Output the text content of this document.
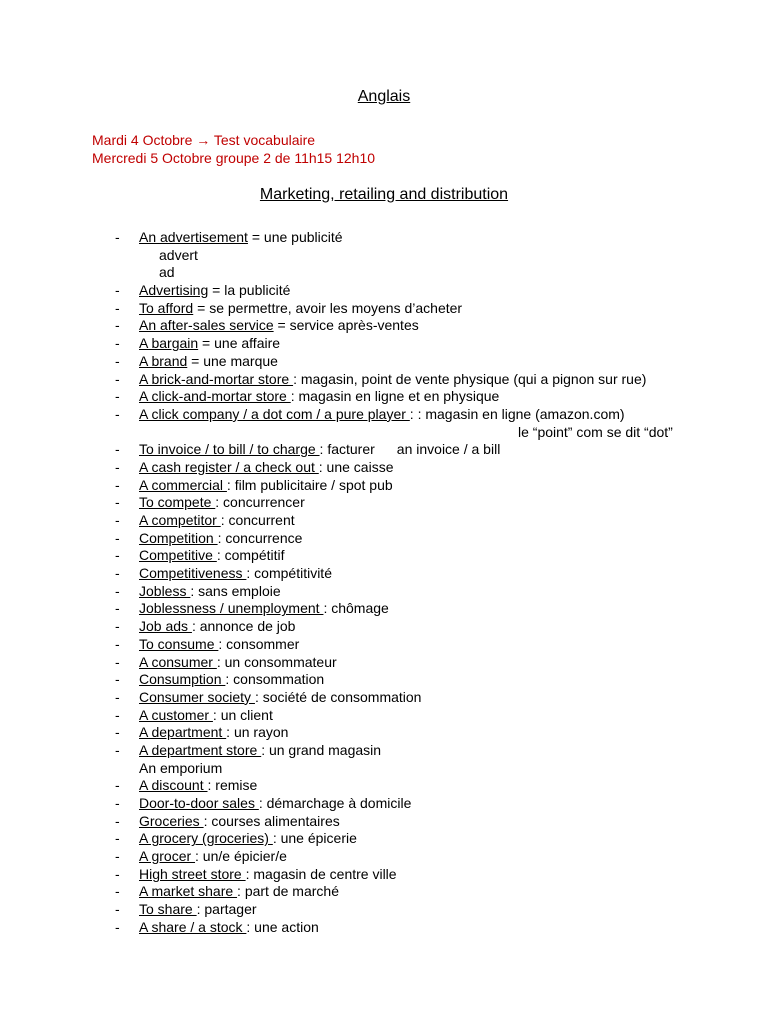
Anglais
Mardi 4 Octobre → Test vocabulaire
Mercredi 5 Octobre groupe 2 de 11h15 12h10
Marketing, retailing and distribution
- An advertisement = une publicité
advert
ad
- Advertising = la publicité
- To afford = se permettre, avoir les moyens d’acheter
- An after-sales service = service après-ventes
- A bargain = une affaire
- A brand = une marque
- A brick-and-mortar store : magasin, point de vente physique (qui a pignon sur rue)
- A click-and-mortar store : magasin en ligne et en physique
- A click company / a dot com / a pure player : : magasin en ligne (amazon.com)
le “point” com se dit “dot”
- To invoice / to bill / to charge : facturer an invoice / a bill
- A cash register / a check out : une caisse
- A commercial : film publicitaire / spot pub
- To compete : concurrencer
- A competitor : concurrent
- Competition : concurrence
- Competitive : compétitif
- Competitiveness : compétitivité
- Jobless : sans emploie
- Joblessness / unemployment : chômage
- Job ads : annonce de job
- To consume : consommer
- A consumer : un consommateur
- Consumption : consommation
- Consumer society : société de consommation
- A customer : un client
- A department : un rayon
- A department store : un grand magasin
An emporium
- A discount : remise
- Door-to-door sales : démarchage à domicile
- Groceries : courses alimentaires
- A grocery (groceries) : une épicerie
- A grocer : un/e épicier/e
- High street store : magasin de centre ville
- A market share : part de marché
- To share : partager
- A share / a stock : une action
